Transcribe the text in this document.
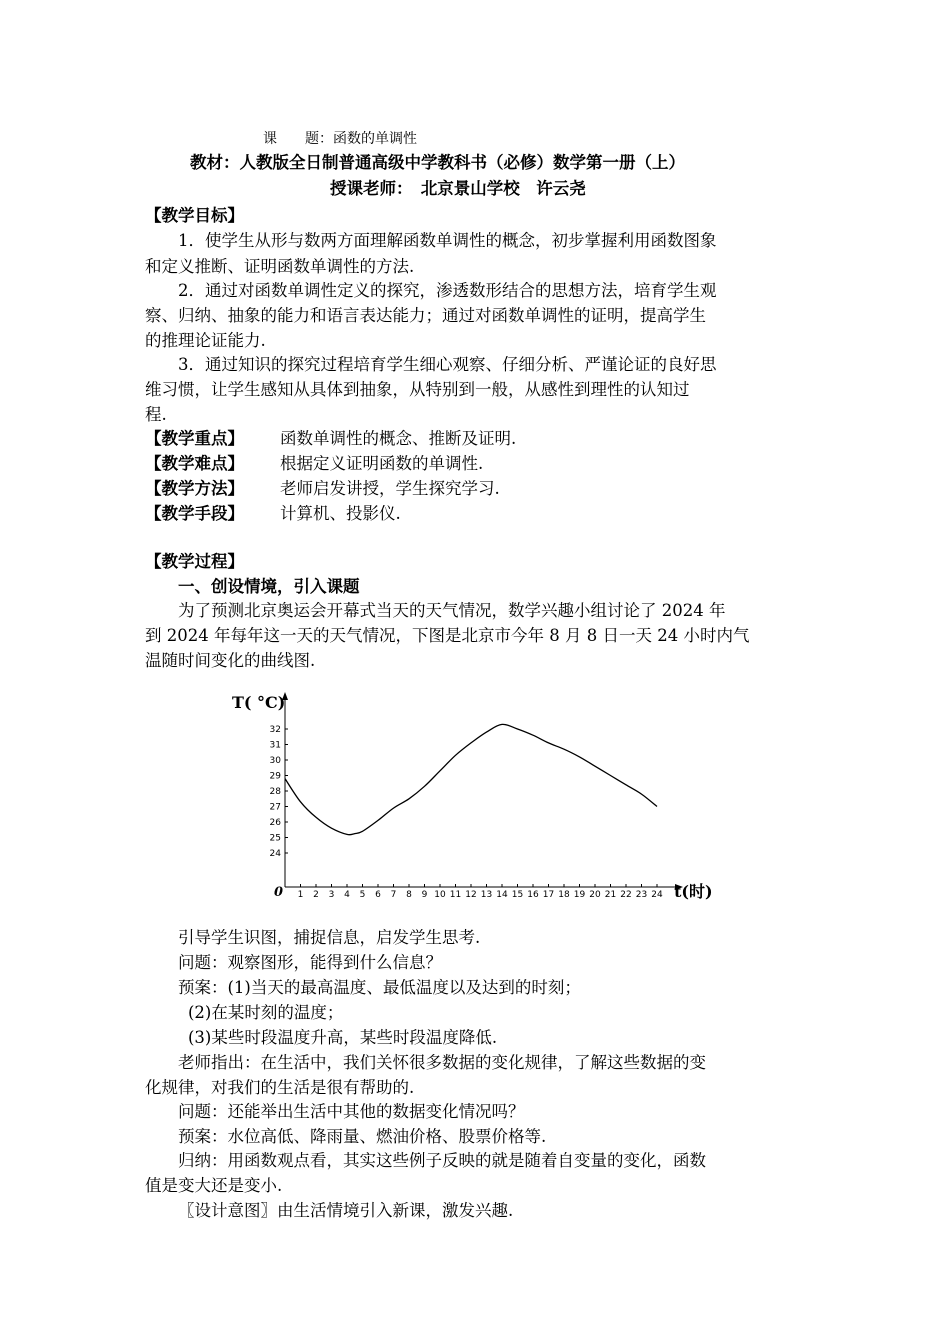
课　　题：函数的单调性
教材：人教版全日制普通高级中学教科书（必修）数学第一册（上）
授课老师：　北京景山学校　许云尧
【教学目标】
1．使学生从形与数两方面理解函数单调性的概念，初步掌握利用函数图象
和定义推断、证明函数单调性的方法.
2．通过对函数单调性定义的探究，渗透数形结合的思想方法，培育学生观
察、归纳、抽象的能力和语言表达能力；通过对函数单调性的证明，提高学生
的推理论证能力.
3．通过知识的探究过程培育学生细心观察、仔细分析、严谨论证的良好思
维习惯，让学生感知从具体到抽象，从特别到一般，从感性到理性的认知过
程.
【教学重点】 函数单调性的概念、推断及证明.
【教学难点】 根据定义证明函数的单调性.
【教学方法】 老师启发讲授，学生探究学习.
【教学手段】 计算机、投影仪.
【教学过程】
一、创设情境，引入课题
为了预测北京奥运会开幕式当天的天气情况，数学兴趣小组讨论了 2024 年
到 2024 年每年这一天的天气情况，下图是北京市今年 8 月 8 日一天 24 小时内气
温随时间变化的曲线图.
1 2 3 4 5 6 7 8 9 10 11 12 13 14 15 16 17 18 19 20 21 22 23 24
24
25
26
27
28
29
30
31
32
T( °C)
t(时)
0
引导学生识图，捕捉信息，启发学生思考.
问题：观察图形，能得到什么信息？
预案：(1)当天的最高温度、最低温度以及达到的时刻；
(2)在某时刻的温度；
(3)某些时段温度升高，某些时段温度降低.
老师指出：在生活中，我们关怀很多数据的变化规律，了解这些数据的变
化规律，对我们的生活是很有帮助的.
问题：还能举出生活中其他的数据变化情况吗？
预案：水位高低、降雨量、燃油价格、股票价格等.
归纳：用函数观点看，其实这些例子反映的就是随着自变量的变化，函数
值是变大还是变小.
〖设计意图〗由生活情境引入新课，激发兴趣.
